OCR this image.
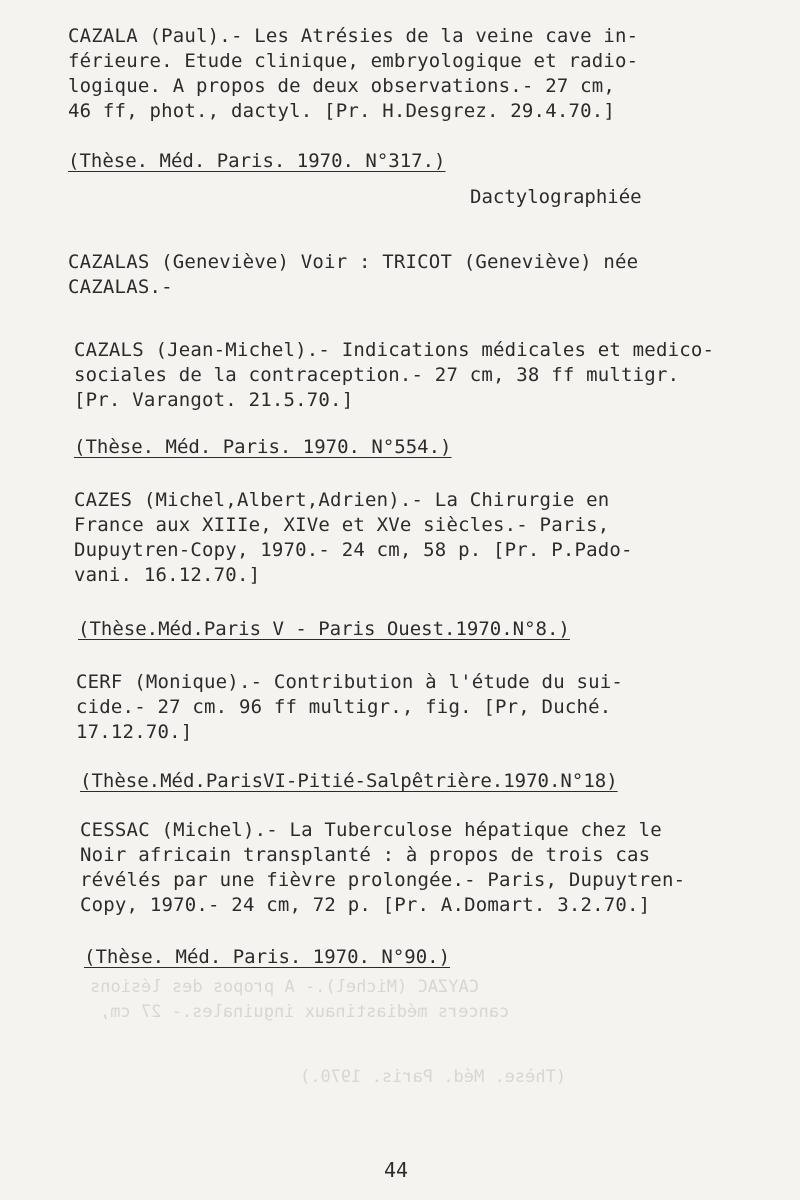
CAYZAC (Michel).- A propos des lésions
cancers médiastinaux inguinales.- 27 cm,
(Thèse. Méd. Paris. 1970.)
CAZALA (Paul).- Les Atrésies de la veine cave in-
férieure. Etude clinique, embryologique et radio-
logique. A propos de deux observations.- 27 cm,
46 ff, phot., dactyl. [Pr. H.Desgrez. 29.4.70.]
(Thèse. Méd. Paris. 1970. N°317.)
Dactylographiée
CAZALAS (Geneviève) Voir : TRICOT (Geneviève) née
CAZALAS.-
CAZALS (Jean-Michel).- Indications médicales et medico-
sociales de la contraception.- 27 cm, 38 ff multigr.
[Pr. Varangot. 21.5.70.]
(Thèse. Méd. Paris. 1970. N°554.)
CAZES (Michel,Albert,Adrien).- La Chirurgie en
France aux XIIIe, XIVe et XVe siècles.- Paris,
Dupuytren-Copy, 1970.- 24 cm, 58 p. [Pr. P.Pado-
vani. 16.12.70.]
(Thèse.Méd.Paris V - Paris Ouest.1970.N°8.)
CERF (Monique).- Contribution à l'étude du sui-
cide.- 27 cm. 96 ff multigr., fig. [Pr, Duché.
17.12.70.]
(Thèse.Méd.ParisVI-Pitié-Salpêtrière.1970.N°18)
CESSAC (Michel).- La Tuberculose hépatique chez le
Noir africain transplanté : à propos de trois cas
révélés par une fièvre prolongée.- Paris, Dupuytren-
Copy, 1970.- 24 cm, 72 p. [Pr. A.Domart. 3.2.70.]
(Thèse. Méd. Paris. 1970. N°90.)
44
